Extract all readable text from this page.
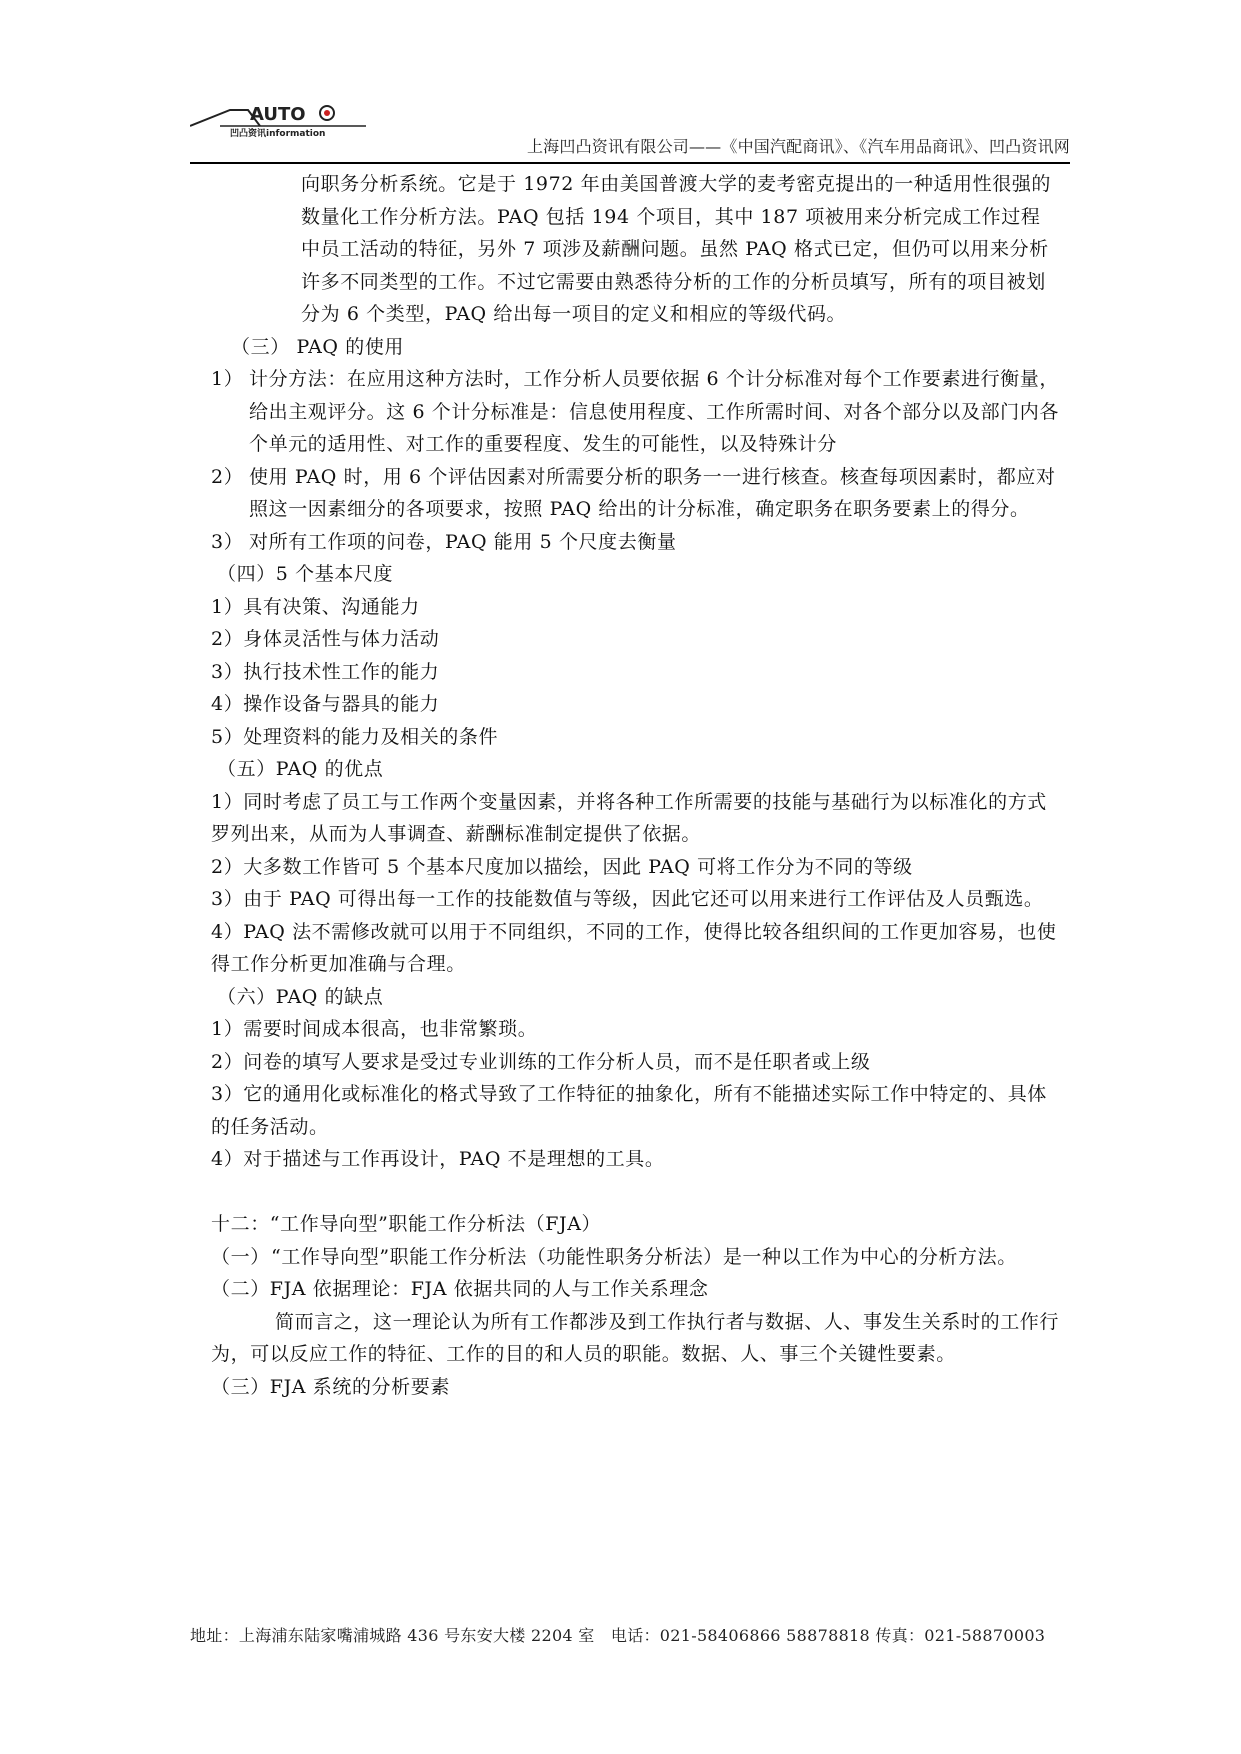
AUTO
凹凸资讯information
上海凹凸资讯有限公司——《中国汽配商讯》、《汽车用品商讯》、凹凸资讯网

向职务分析系统。它是于 1972 年由美国普渡大学的麦考密克提出的一种适用性很强的数量化工作分析方法。PAQ 包括 194 个项目，其中 187 项被用来分析完成工作过程中员工活动的特征，另外 7 项涉及薪酬问题。虽然 PAQ 格式已定，但仍可以用来分析许多不同类型的工作。不过它需要由熟悉待分析的工作的分析员填写，所有的项目被划分为 6 个类型，PAQ 给出每一项目的定义和相应的等级代码。

（三） PAQ 的使用

1） 计分方法：在应用这种方法时，工作分析人员要依据 6 个计分标准对每个工作要素进行衡量，给出主观评分。这 6 个计分标准是：信息使用程度、工作所需时间、对各个部分以及部门内各个单元的适用性、对工作的重要程度、发生的可能性，以及特殊计分
2） 使用 PAQ 时，用 6 个评估因素对所需要分析的职务一一进行核查。核查每项因素时，都应对照这一因素细分的各项要求，按照 PAQ 给出的计分标准，确定职务在职务要素上的得分。
3） 对所有工作项的问卷，PAQ 能用 5 个尺度去衡量

（四）5 个基本尺度

1）具有决策、沟通能力

2）身体灵活性与体力活动

3）执行技术性工作的能力

4）操作设备与器具的能力

5）处理资料的能力及相关的条件

（五）PAQ 的优点

1）同时考虑了员工与工作两个变量因素，并将各种工作所需要的技能与基础行为以标准化的方式罗列出来，从而为人事调查、薪酬标准制定提供了依据。

2）大多数工作皆可 5 个基本尺度加以描绘，因此 PAQ 可将工作分为不同的等级

3）由于 PAQ 可得出每一工作的技能数值与等级，因此它还可以用来进行工作评估及人员甄选。

4）PAQ 法不需修改就可以用于不同组织，不同的工作，使得比较各组织间的工作更加容易，也使得工作分析更加准确与合理。

（六）PAQ 的缺点

1）需要时间成本很高，也非常繁琐。

2）问卷的填写人要求是受过专业训练的工作分析人员，而不是任职者或上级

3）它的通用化或标准化的格式导致了工作特征的抽象化，所有不能描述实际工作中特定的、具体的任务活动。

4）对于描述与工作再设计，PAQ 不是理想的工具。

十二：“工作导向型”职能工作分析法（FJA）

（一） “工作导向型”职能工作分析法（功能性职务分析法）是一种以工作为中心的分析方法。

（二）FJA 依据理论：FJA 依据共同的人与工作关系理念

简而言之，这一理论认为所有工作都涉及到工作执行者与数据、人、事发生关系时的工作行为，可以反应工作的特征、工作的目的和人员的职能。数据、人、事三个关键性要素。

（三）FJA 系统的分析要素

地址：上海浦东陆家嘴浦城路 436 号东安大楼 2204 室　电话：021-58406866 58878818 传真：021-58870003
